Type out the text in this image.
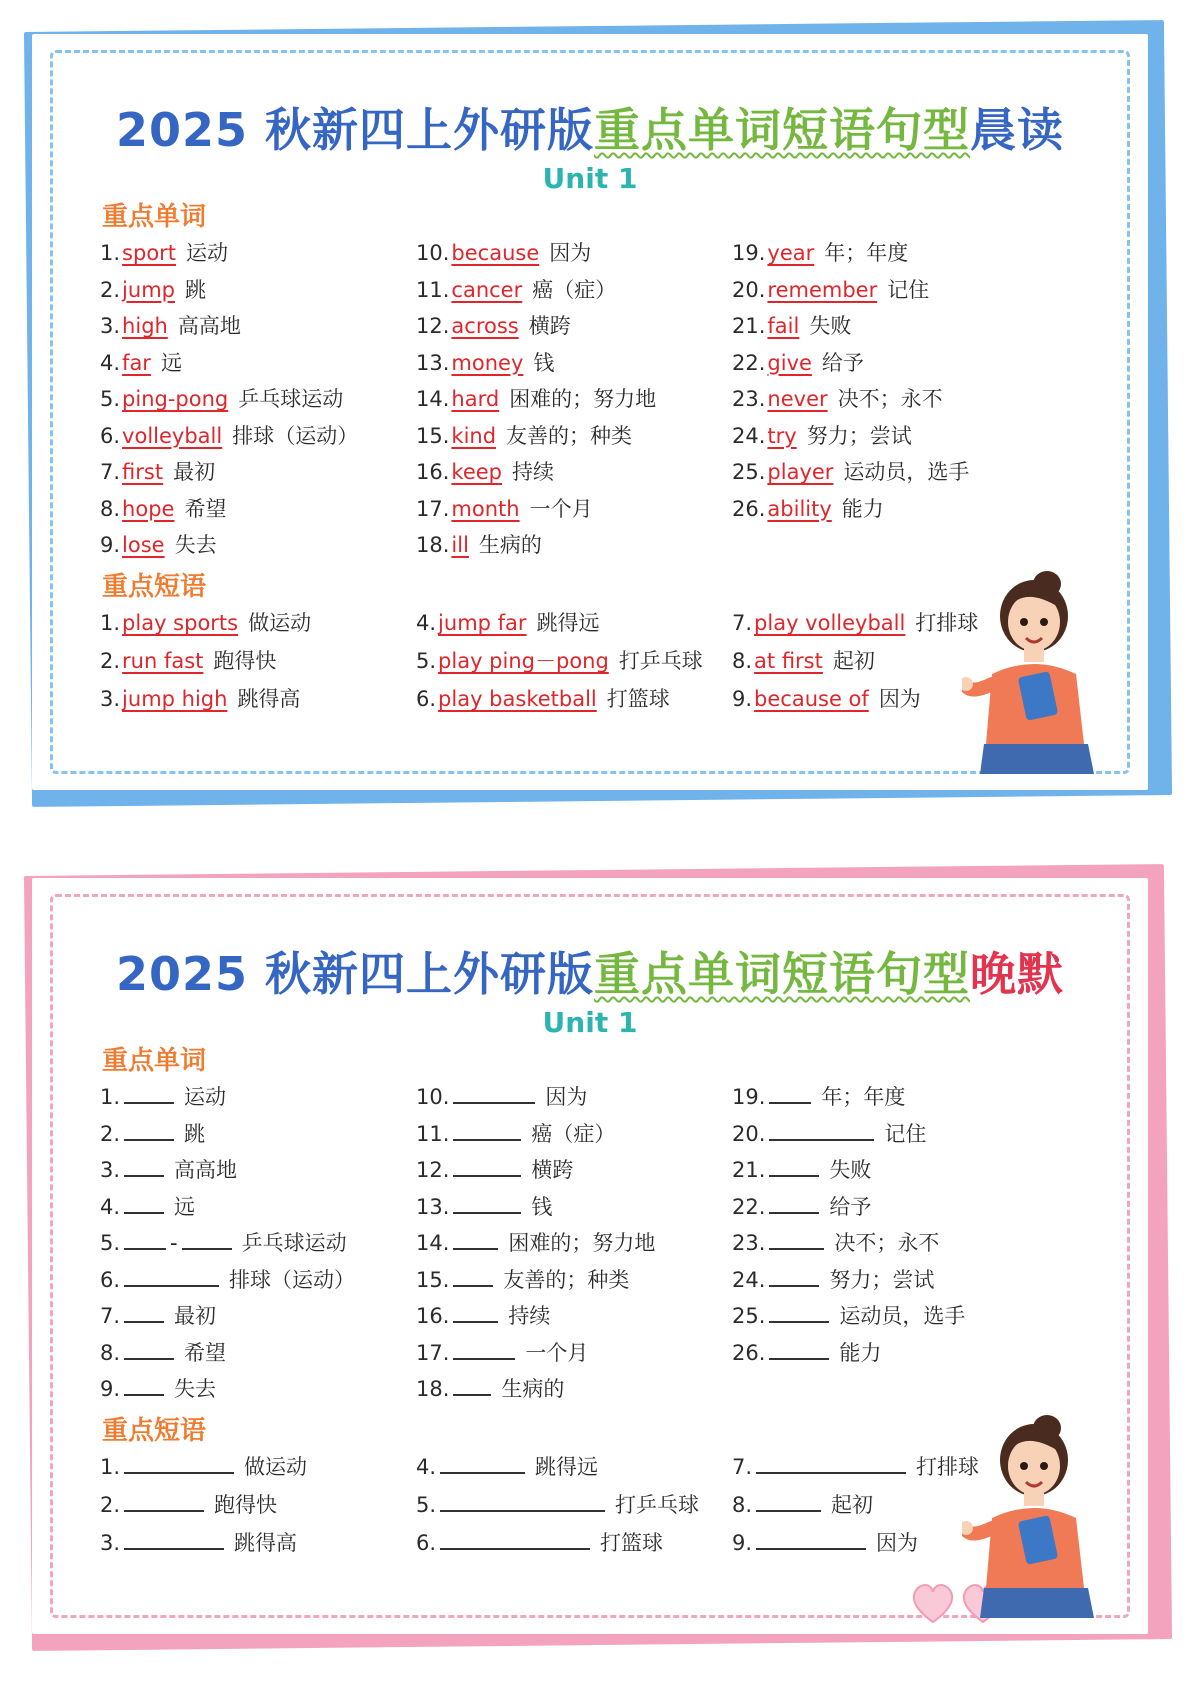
2025 秋新四上外研版重点单词短语句型晨读
Unit 1
重点单词
1.sport 运动
2.jump 跳
3.high 高高地
4.far 远
5.ping-pong 乒乓球运动
6.volleyball 排球（运动）
7.first 最初
8.hope 希望
9.lose 失去
10.because 因为
11.cancer 癌（症）
12.across 横跨
13.money 钱
14.hard 困难的；努力地
15.kind 友善的；种类
16.keep 持续
17.month 一个月
18.ill 生病的
19.year 年；年度
20.remember 记住
21.fail 失败
22.give 给予
23.never 决不；永不
24.try 努力；尝试
25.player 运动员，选手
26.ability 能力
重点短语
1.play sports 做运动
2.run fast 跑得快
3.jump high 跳得高
4.jump far 跳得远
5.play ping－pong 打乒乓球
6.play basketball 打篮球
7.play volleyball 打排球
8.at first 起初
9.because of 因为
2025 秋新四上外研版重点单词短语句型晚默
Unit 1
重点单词
1.	运动
2.	跳
3.	高高地
4.	远
5. -	乒乓球运动
6.	排球（运动）
7.	最初
8.	希望
9.	失去
10.	因为
11.	癌（症）
12.	横跨
13.	钱
14.	困难的；努力地
15.	友善的；种类
16.	持续
17.	一个月
18. 生病的
19.	年；年度
20.	记住
21.	失败
22.	给予
23.	决不；永不
24.	努力；尝试
25.	运动员，选手
26.	能力
重点短语
1.	做运动
2.	跑得快
3.	跳得高
4.	跳得远
5.	打乒乓球
6.	打篮球
7.	打排球
8.	起初
9.	因为
